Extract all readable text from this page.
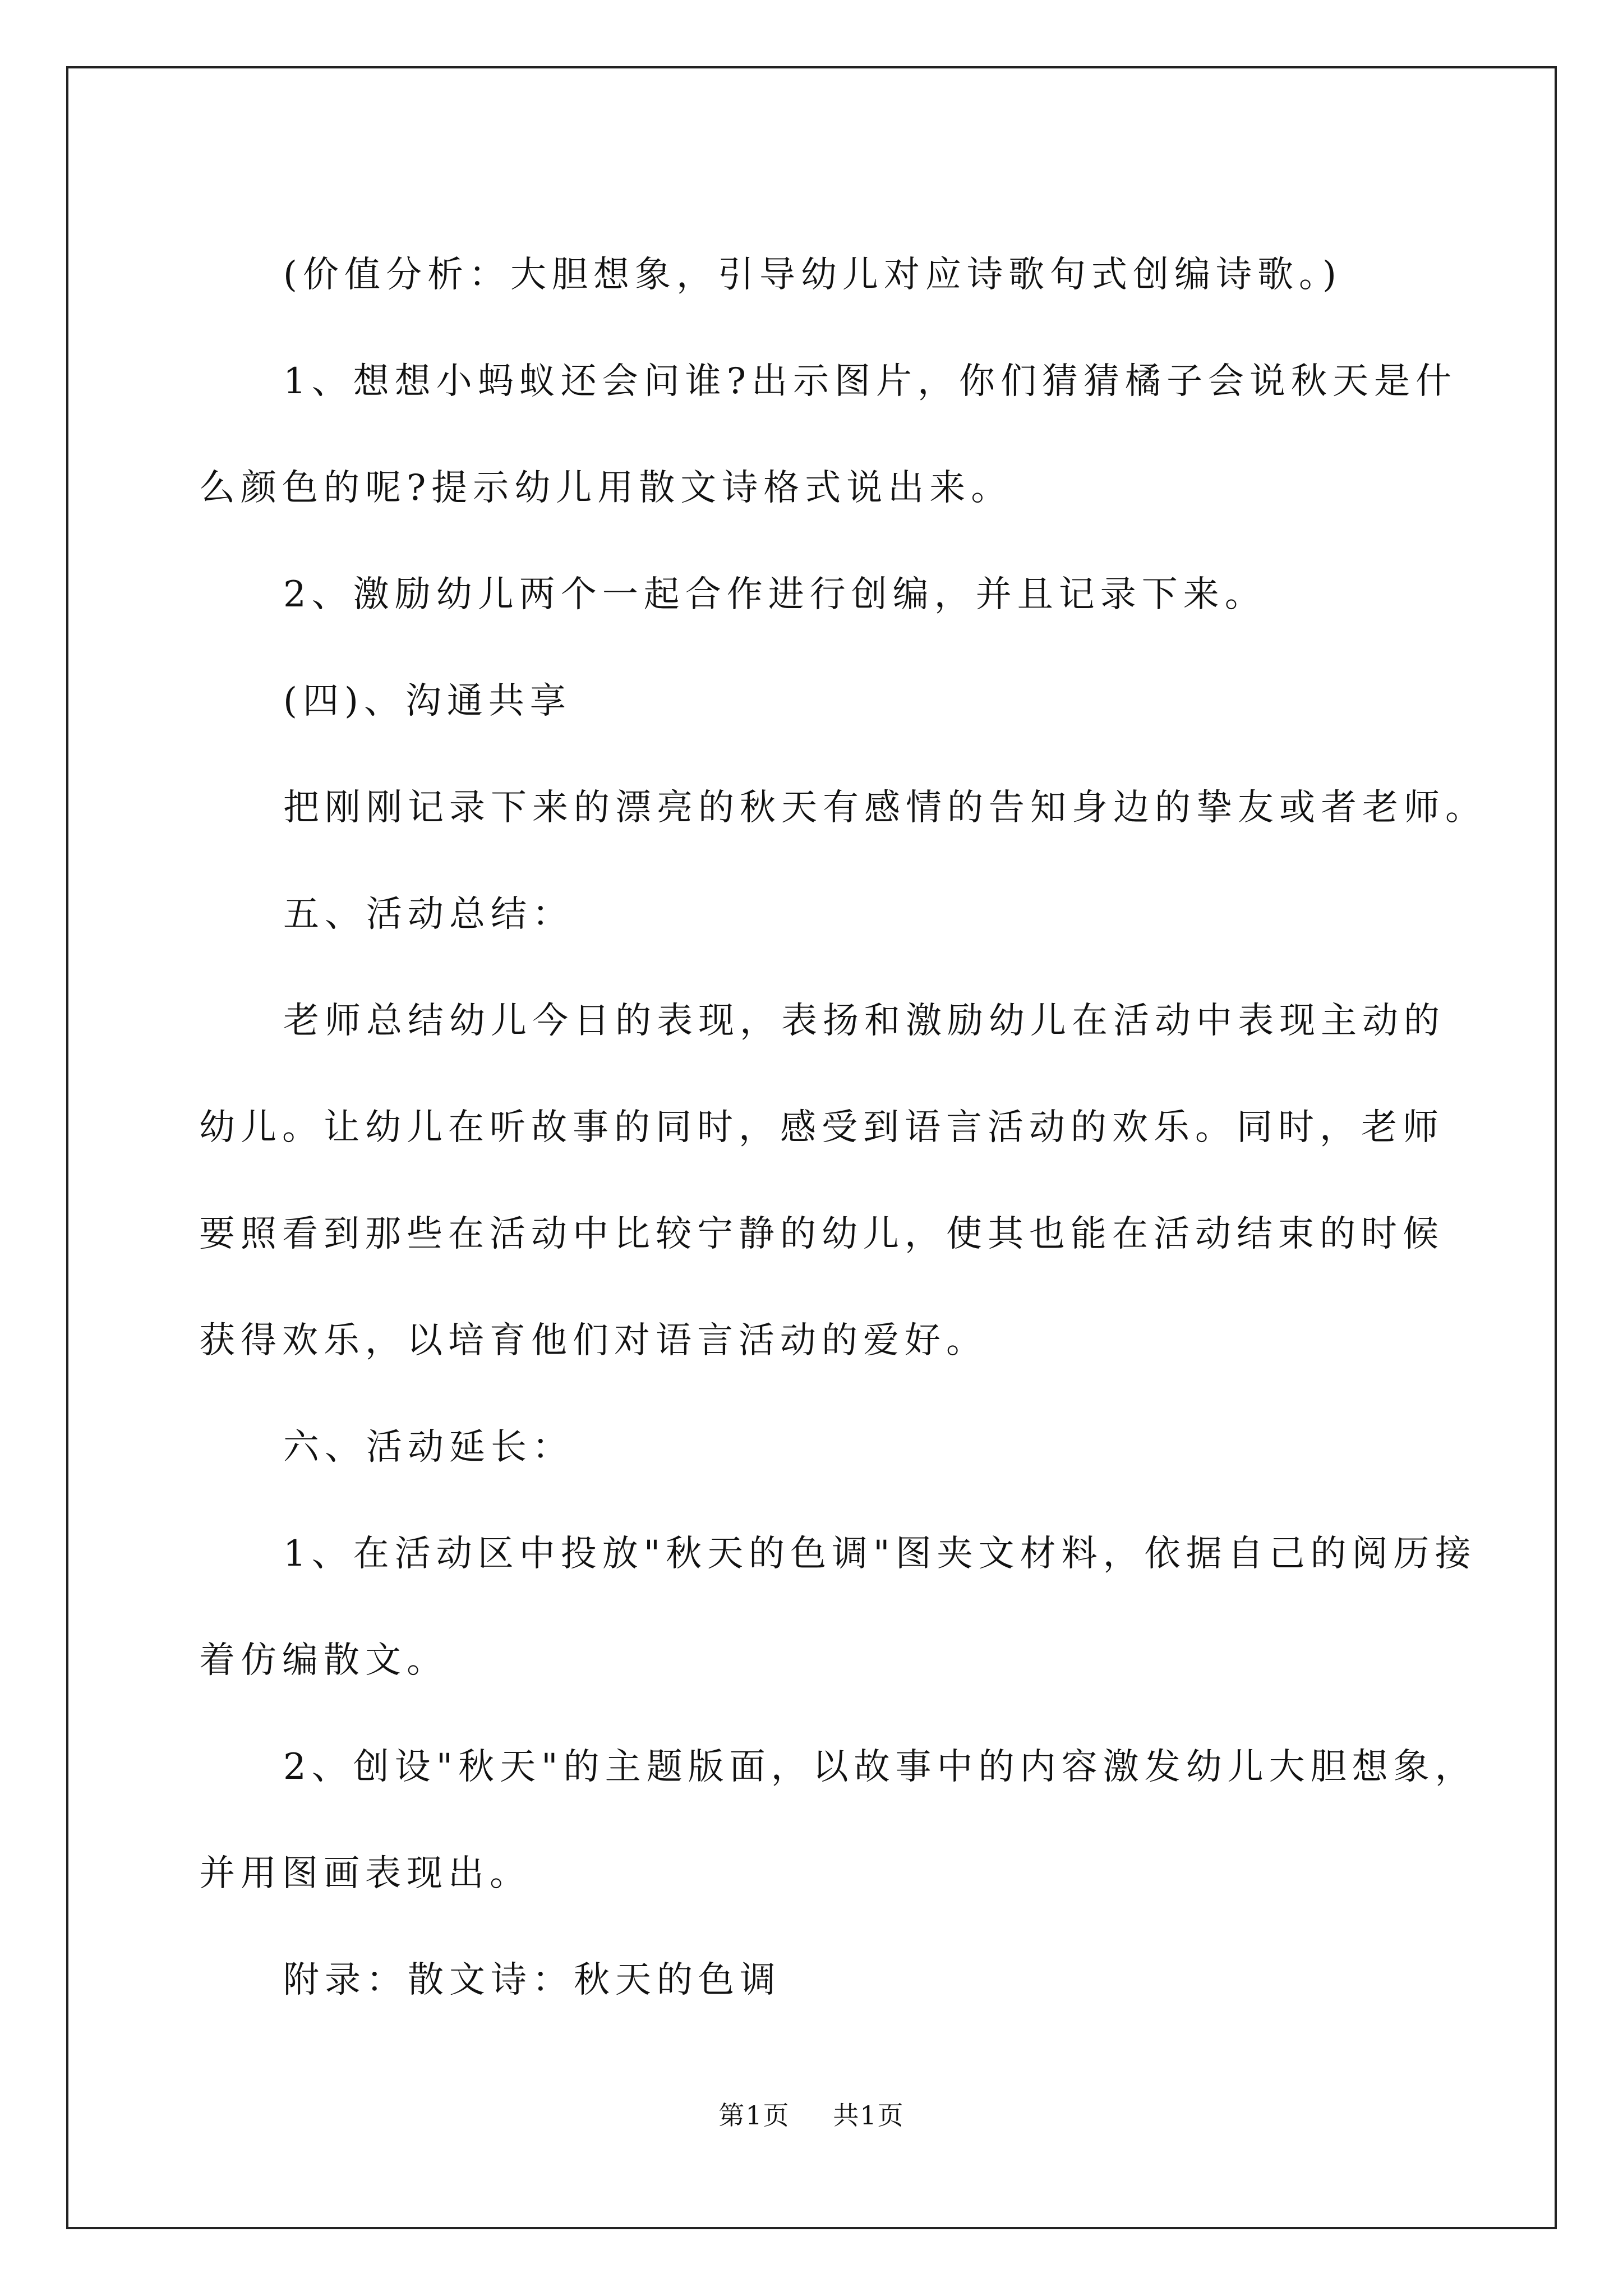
(价值分析：大胆想象，引导幼儿对应诗歌句式创编诗歌。)

1、想想小蚂蚁还会问谁?出示图片，你们猜猜橘子会说秋天是什

么颜色的呢?提示幼儿用散文诗格式说出来。

2、激励幼儿两个一起合作进行创编，并且记录下来。

(四)、沟通共享

把刚刚记录下来的漂亮的秋天有感情的告知身边的挚友或者老师。

五、活动总结：

老师总结幼儿今日的表现，表扬和激励幼儿在活动中表现主动的

幼儿。让幼儿在听故事的同时，感受到语言活动的欢乐。同时，老师

要照看到那些在活动中比较宁静的幼儿，使其也能在活动结束的时候

获得欢乐，以培育他们对语言活动的爱好。

六、活动延长：

1、在活动区中投放"秋天的色调"图夹文材料，依据自己的阅历接

着仿编散文。

2、创设"秋天"的主题版面，以故事中的内容激发幼儿大胆想象，

并用图画表现出。

附录：散文诗：秋天的色调

第1页 共1页
